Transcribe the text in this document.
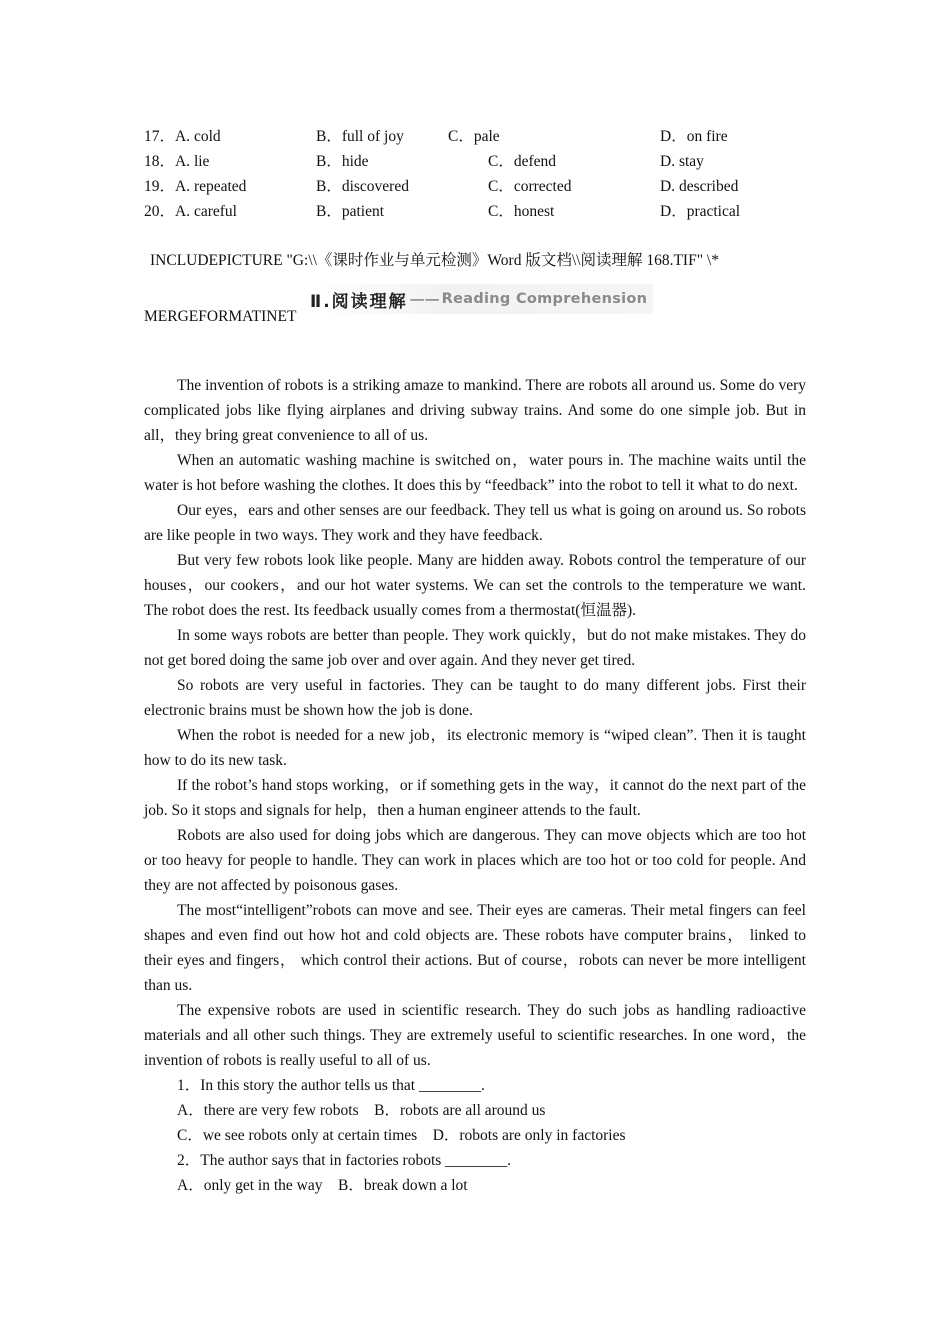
17．A. cold	B．full of joy	C．pale	D．on fire
18．A. lie	B．hide	C．defend	D. stay
19．A. repeated	B．discovered	C．corrected	D. described
20．A. careful	B．patient	C．honest	D．practical
INCLUDEPICTURE "G:\\《课时作业与单元检测》Word 版文档\\阅读理解 168.TIF" \*
Ⅱ.阅读理解 —— Reading Comprehension
MERGEFORMATINET

The invention of robots is a striking amaze to mankind. There are robots all around us. Some do very complicated jobs like flying airplanes and driving subway trains. And some do one simple job. But in all，they bring great convenience to all of us.

When an automatic washing machine is switched on，water pours in. The machine waits until the water is hot before washing the clothes. It does this by “feedback” into the robot to tell it what to do next.

Our eyes，ears and other senses are our feedback. They tell us what is going on around us. So robots are like people in two ways. They work and they have feedback.

But very few robots look like people. Many are hidden away. Robots control the temperature of our houses，our cookers，and our hot water systems. We can set the controls to the temperature we want. The robot does the rest. Its feedback usually comes from a thermostat(恒温器).

In some ways robots are better than people. They work quickly，but do not make mistakes. They do not get bored doing the same job over and over again. And they never get tired.

So robots are very useful in factories. They can be taught to do many different jobs. First their electronic brains must be shown how the job is done.

When the robot is needed for a new job，its electronic memory is “wiped clean”. Then it is taught how to do its new task.

If the robot’s hand stops working，or if something gets in the way，it cannot do the next part of the job. So it stops and signals for help，then a human engineer attends to the fault.

Robots are also used for doing jobs which are dangerous. They can move objects which are too hot or too heavy for people to handle. They can work in places which are too hot or too cold for people. And they are not affected by poisonous gases.

The most“intelligent”robots can move and see. Their eyes are cameras. Their metal fingers can feel shapes and even find out how hot and cold objects are. These robots have computer brains， linked to their eyes and fingers， which control their actions. But of course，robots can never be more intelligent than us.

The expensive robots are used in scientific research. They do such jobs as handling radioactive materials and all other such things. They are extremely useful to scientific researches. In one word，the invention of robots is really useful to all of us.

1．In this story the author tells us that ________.
A．there are very few robots　B．robots are all around us
C．we see robots only at certain times　D．robots are only in factories
2．The author says that in factories robots ________.
A．only get in the way　B．break down a lot
